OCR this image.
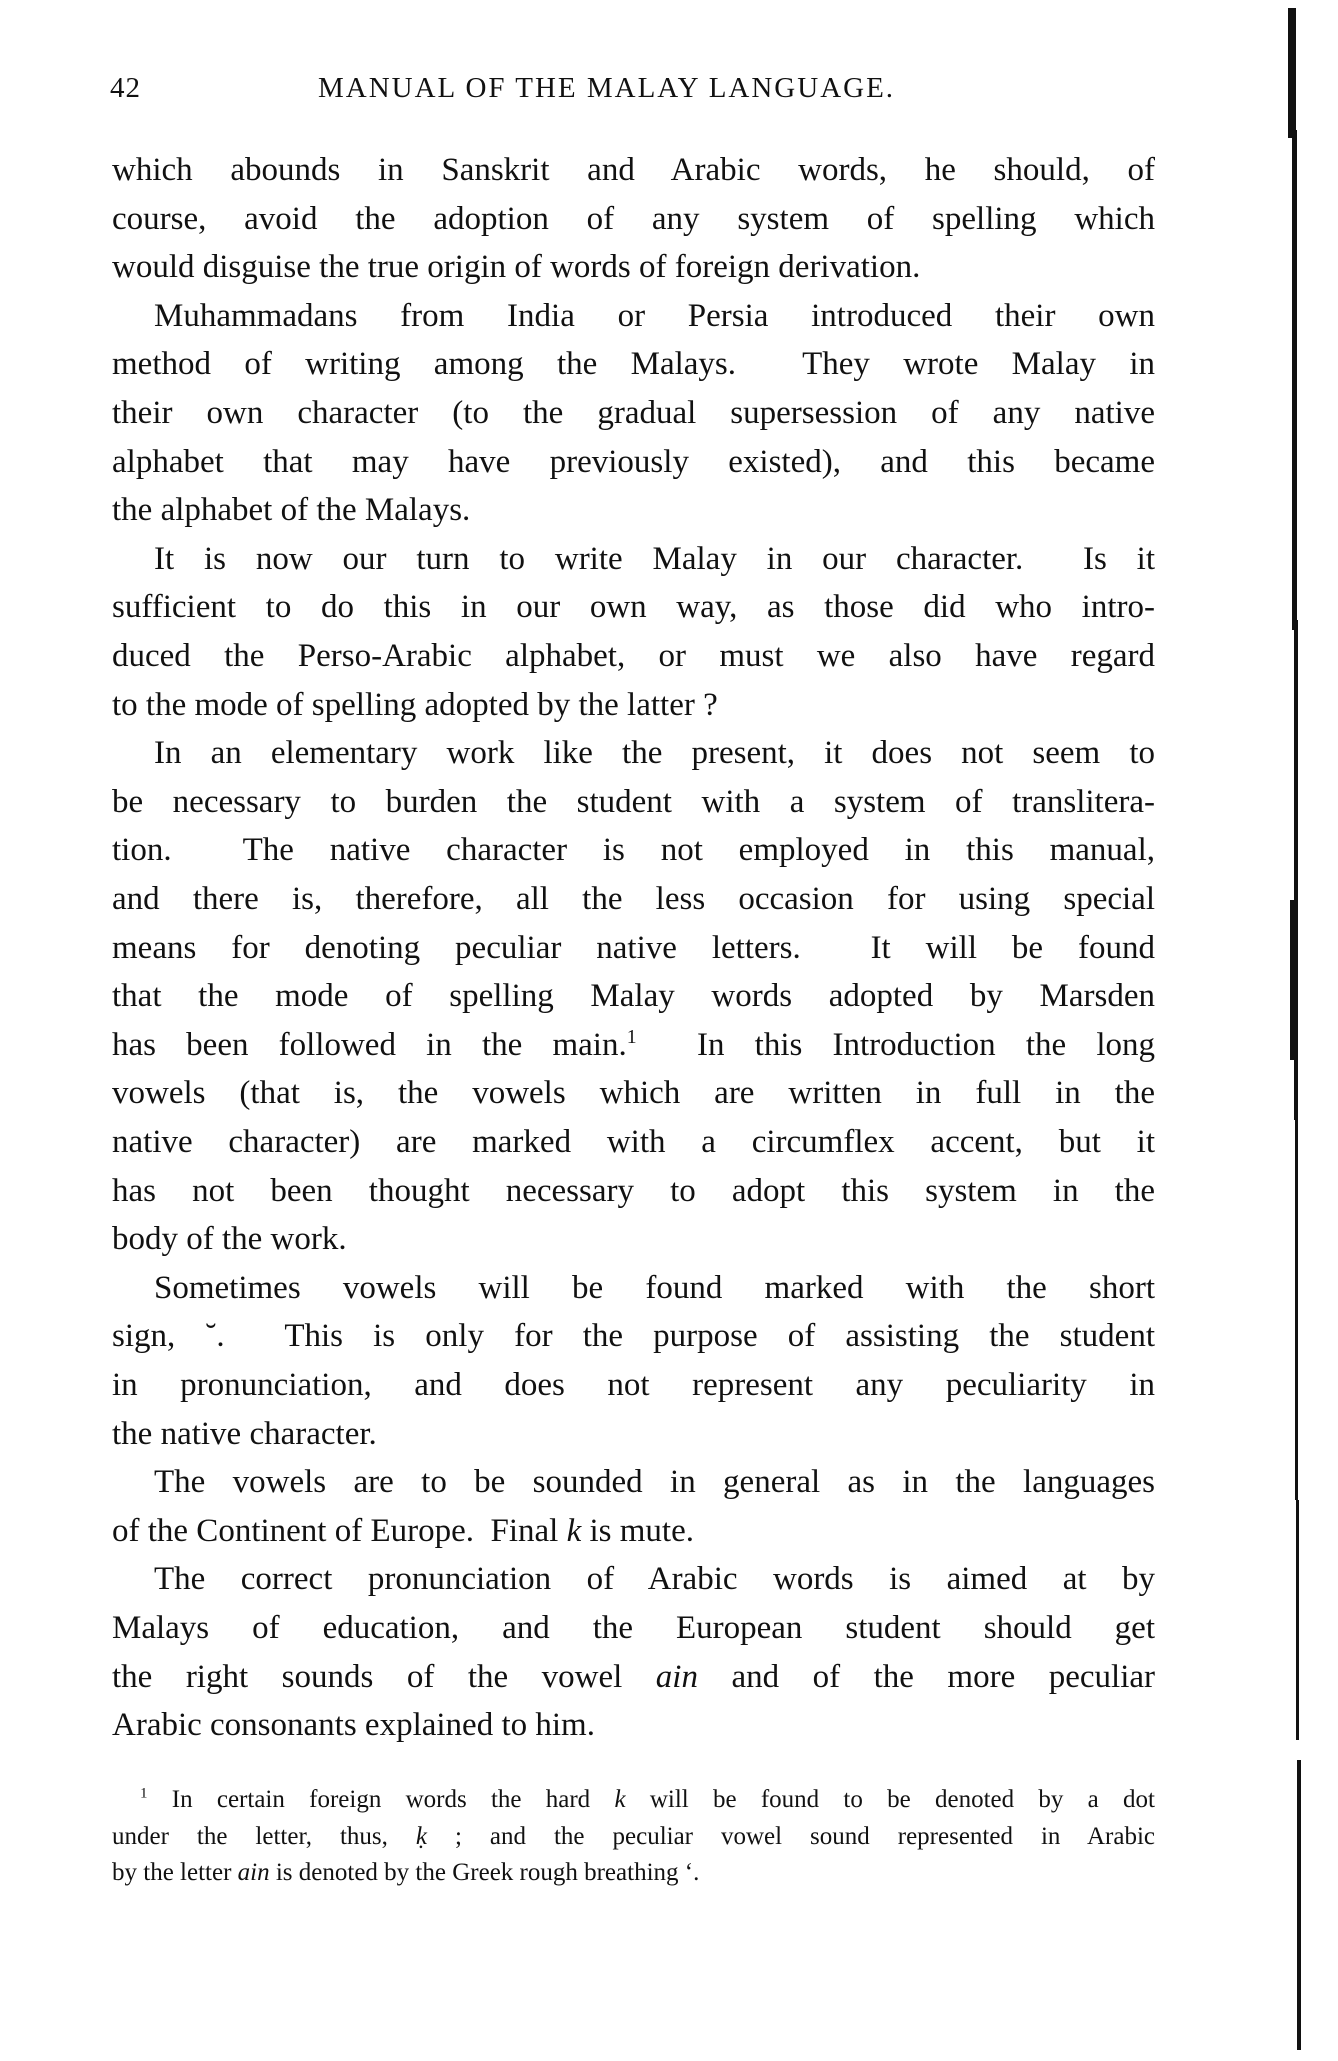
42	MANUAL OF THE MALAY LANGUAGE.
which abounds in Sanskrit and Arabic words, he should, of
course, avoid the adoption of any system of spelling which
would disguise the true origin of words of foreign derivation.
Muhammadans from India or Persia introduced their own
method of writing among the Malays.  They wrote Malay in
their own character (to the gradual supersession of any native
alphabet that may have previously existed), and this became
the alphabet of the Malays.
It is now our turn to write Malay in our character.  Is it
sufficient to do this in our own way, as those did who intro-
duced the Perso-Arabic alphabet, or must we also have regard
to the mode of spelling adopted by the latter ?
In an elementary work like the present, it does not seem to
be necessary to burden the student with a system of translitera-
tion.  The native character is not employed in this manual,
and there is, therefore, all the less occasion for using special
means for denoting peculiar native letters.  It will be found
that the mode of spelling Malay words adopted by Marsden
has been followed in the main.$^1$  In this Introduction the long
vowels (that is, the vowels which are written in full in the
native character) are marked with a circumflex accent, but it
has not been thought necessary to adopt this system in the
body of the work.
Sometimes vowels will be found marked with the short
sign, ˘.  This is only for the purpose of assisting the student
in pronunciation, and does not represent any peculiarity in
the native character.
The vowels are to be sounded in general as in the languages
of the Continent of Europe.  Final k is mute.
The correct pronunciation of Arabic words is aimed at by
Malays of education, and the European student should get
the right sounds of the vowel ain and of the more peculiar
Arabic consonants explained to him.
$^1$ In certain foreign words the hard k will be found to be denoted by a dot
under the letter, thus, ḳ ; and the peculiar vowel sound represented in Arabic
by the letter ain is denoted by the Greek rough breathing ‘.
